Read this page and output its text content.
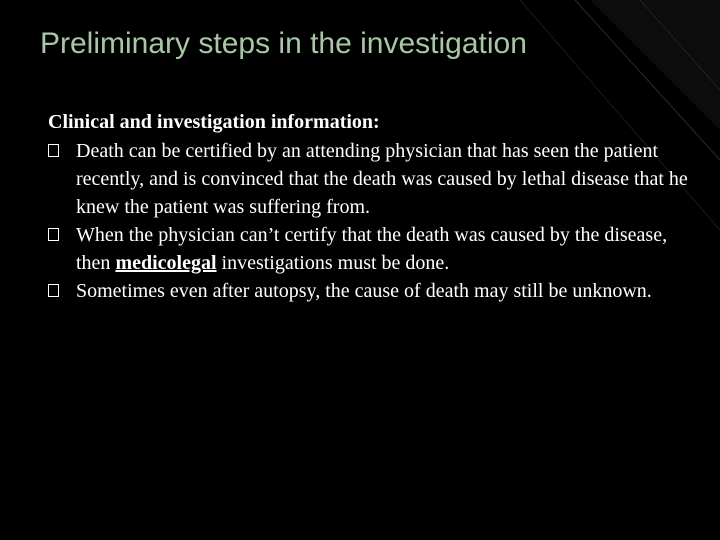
Preliminary steps in the investigation

Clinical and investigation information:

Death can be certified by an attending physician that has seen the patient recently, and is convinced that the death was caused by lethal disease that he knew the patient was suffering from.
When the physician can’t certify that the death was caused by the disease, then medicolegal investigations must be done.
Sometimes even after autopsy, the cause of death may still be unknown.
